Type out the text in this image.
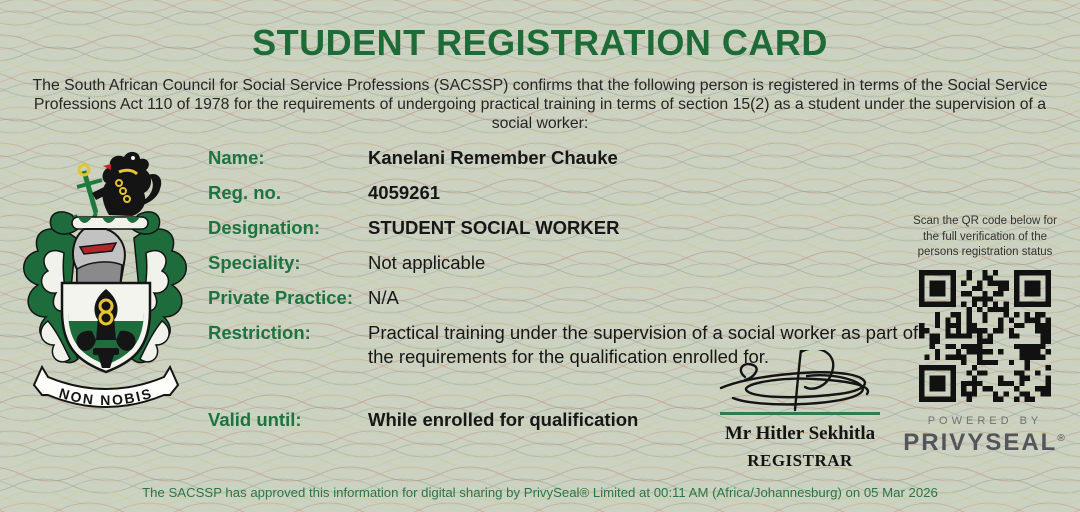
STUDENT REGISTRATION CARD
The South African Council for Social Service Professions (SACSSP) confirms that the following person is registered in terms of the Social Service Professions Act 110 of 1978 for the requirements of undergoing practical training in terms of section 15(2) as a student under the supervision of a social worker:
NON NOBIS
Name:	Kanelani Remember Chauke
Reg. no.	4059261
Designation:	STUDENT SOCIAL WORKER
Speciality:	Not applicable
Private Practice: N/A
Restriction:	Practical training under the supervision of a social worker as part of the requirements for the qualification enrolled for.
Valid until:	While enrolled for qualification
Mr Hitler Sekhitla
REGISTRAR
Scan the QR code below for the full verification of the persons registration status
POWERED BY
PRIVYSEAL®
The SACSSP has approved this information for digital sharing by PrivySeal® Limited at 00:11 AM (Africa/Johannesburg) on 05 Mar 2026
